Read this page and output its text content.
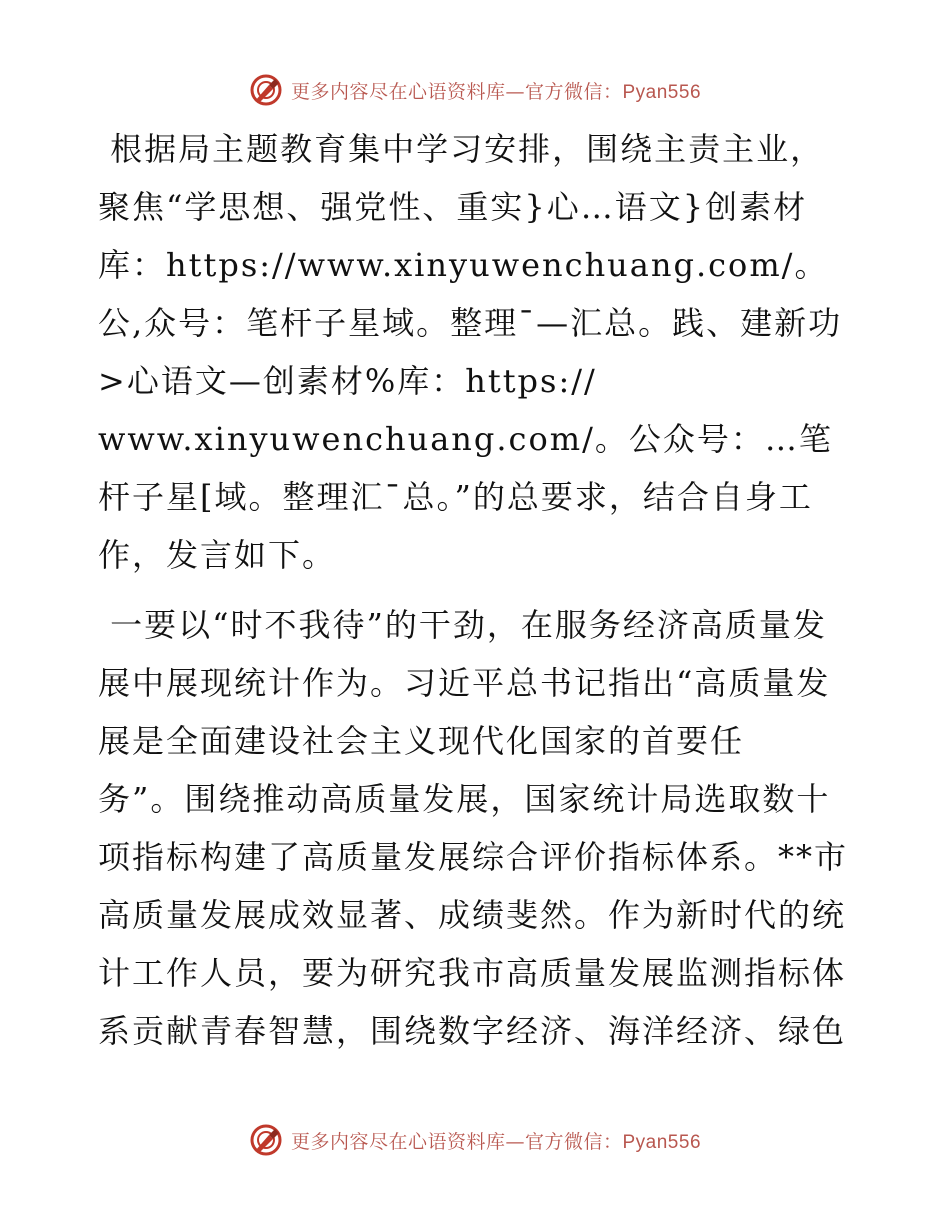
更多内容尽在心语资料库—官方微信：Pyan556

根据局主题教育集中学习安排，围绕主责主业，聚焦“学思想、强党性、重实}心…语文}创素材库：https://www.xinyuwenchuang.com/。公,众号：笔杆子星域。整理¯—汇总。践、建新功>心语文—创素材%库：https://
www.xinyuwenchuang.com/。公众号：…笔杆子星[域。整理汇¯总。”的总要求，结合自身工作，发言如下。

一要以“时不我待”的干劲，在服务经济高质量发展中展现统计作为。习近平总书记指出“高质量发展是全面建设社会主义现代化国家的首要任
务”。围绕推动高质量发展，国家统计局选取数十项指标构建了高质量发展综合评价指标体系。**市高质量发展成效显著、成绩斐然。作为新时代的统计工作人员，要为研究我市高质量发展监测指标体系贡献青春智慧，围绕数字经济、海洋经济、绿色

更多内容尽在心语资料库—官方微信：Pyan556
